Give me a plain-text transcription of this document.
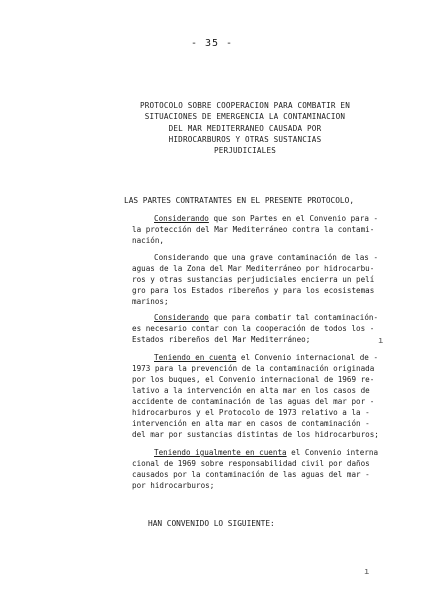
- 35 -
PROTOCOLO SOBRE COOPERACION PARA COMBATIR EN
SITUACIONES DE EMERGENCIA LA CONTAMINACION
DEL MAR MEDITERRANEO CAUSADA POR
HIDROCARBUROS Y OTRAS SUSTANCIAS
PERJUDICIALES
LAS PARTES CONTRATANTES EN EL PRESENTE PROTOCOLO,
Considerando que son Partes en el Convenio para -
la protección del Mar Mediterráneo contra la contami-
nación,
Considerando que una grave contaminación de las -
aguas de la Zona del Mar Mediterráneo por hidrocarbu-
ros y otras sustancias perjudiciales encierra un pelí
gro para los Estados ribereños y para los ecosistemas
marinos;
Considerando que para combatir tal contaminación-
es necesario contar con la cooperación de todos los -
Estados ribereños del Mar Mediterráneo;
Teniendo en cuenta el Convenio internacional de -
1973 para la prevención de la contaminación originada
por los buques, el Convenio internacional de 1969 re-
lativo a la intervención en alta mar en los casos de
accidente de contaminación de las aguas del mar por -
hidrocarburos y el Protocolo de 1973 relativo a la -
intervención en alta mar en casos de contaminación -
del mar por sustancias distintas de los hidrocarburos;
Teniendo igualmente en cuenta el Convenio interna
cional de 1969 sobre responsabilidad civil por daños
causados por la contaminación de las aguas del mar -
por hidrocarburos;
HAN CONVENIDO LO SIGUIENTE:
ı
ı
